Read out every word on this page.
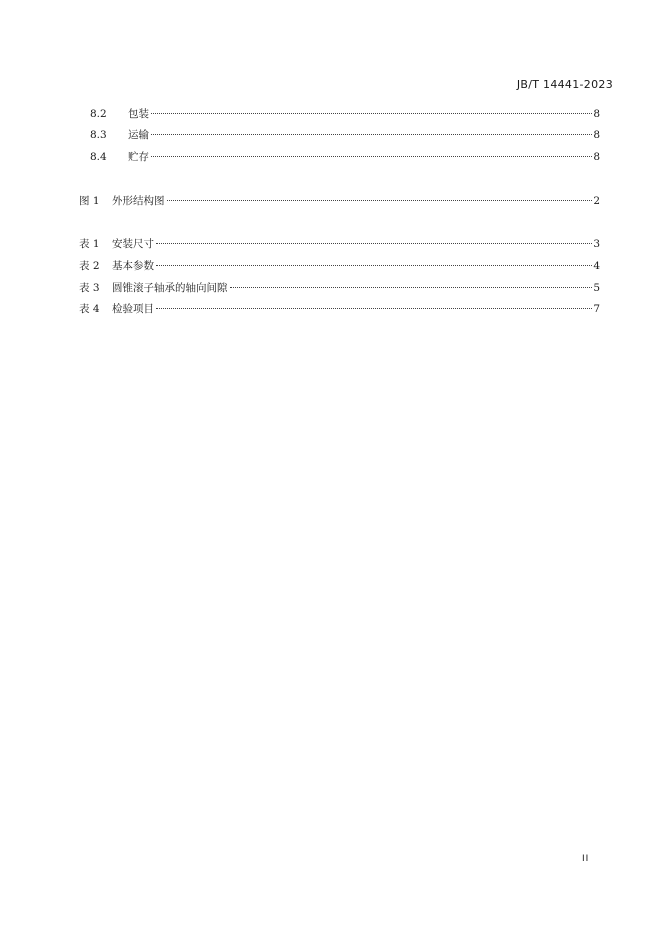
JB/T 14441-2023
8.2	包装	8
8.3	运输	8
8.4	贮存	8
图 1	外形结构图	2
表 1	安装尺寸	3
表 2	基本参数	4
表 3	圆锥滚子轴承的轴向间隙	5
表 4	检验项目	7
II
